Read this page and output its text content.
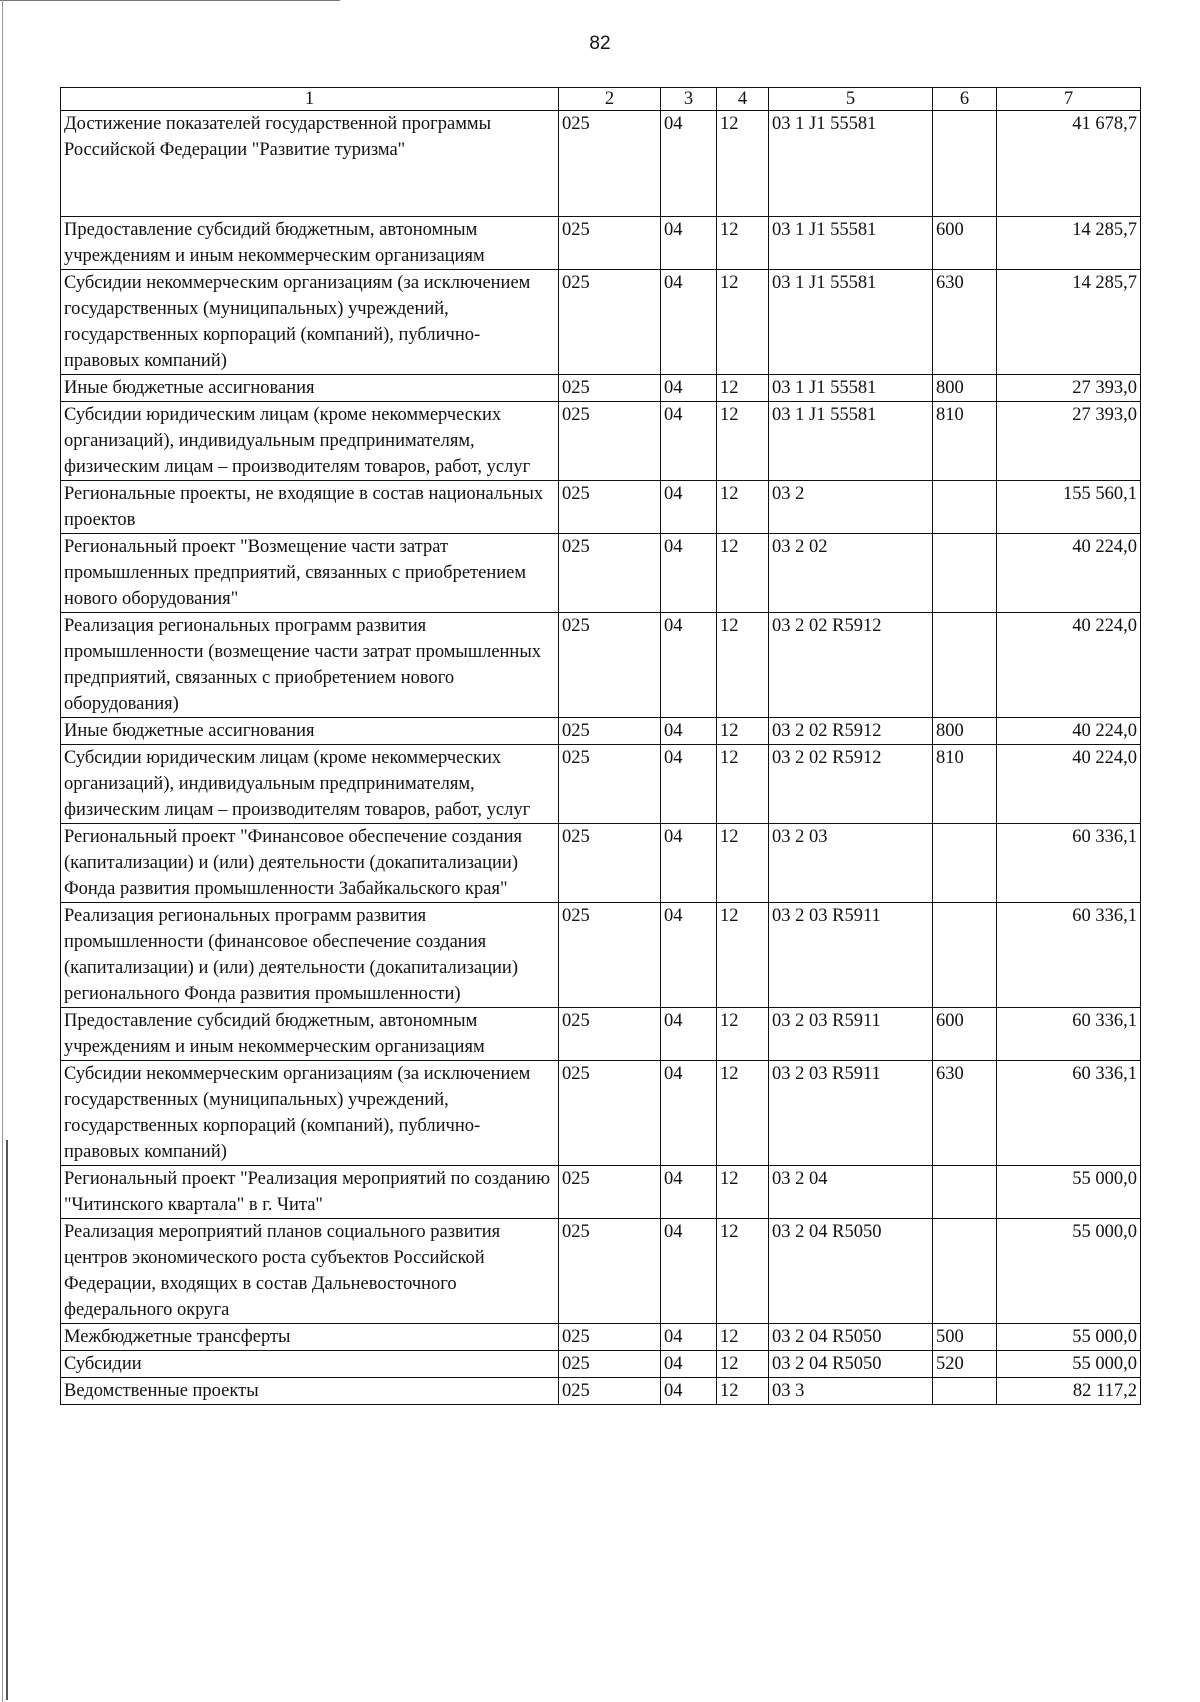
82
1	2	3	4	5	6	7
Достижение показателей государственной программы Российской Федерации "Развитие туризма"	025	04	12	03 1 J1 55581		41 678,7
Предоставление субсидий бюджетным, автономным учреждениям и иным некоммерческим организациям	025	04	12	03 1 J1 55581	600	14 285,7
Субсидии некоммерческим организациям (за исключением государственных (муниципальных) учреждений, государственных корпораций (компаний), публично-правовых компаний)	025	04	12	03 1 J1 55581	630	14 285,7
Иные бюджетные ассигнования	025	04	12	03 1 J1 55581	800	27 393,0
Субсидии юридическим лицам (кроме некоммерческих организаций), индивидуальным предпринимателям, физическим лицам – производителям товаров, работ, услуг	025	04	12	03 1 J1 55581	810	27 393,0
Региональные проекты, не входящие в состав национальных проектов	025	04	12	03 2		155 560,1
Региональный проект "Возмещение части затрат промышленных предприятий, связанных с приобретением нового оборудования"	025	04	12	03 2 02		40 224,0
Реализация региональных программ развития промышленности (возмещение части затрат промышленных предприятий, связанных с приобретением нового оборудования)	025	04	12	03 2 02 R5912		40 224,0
Иные бюджетные ассигнования	025	04	12	03 2 02 R5912	800	40 224,0
Субсидии юридическим лицам (кроме некоммерческих организаций), индивидуальным предпринимателям, физическим лицам – производителям товаров, работ, услуг	025	04	12	03 2 02 R5912	810	40 224,0
Региональный проект "Финансовое обеспечение создания (капитализации) и (или) деятельности (докапитализации) Фонда развития промышленности Забайкальского края"	025	04	12	03 2 03		60 336,1
Реализация региональных программ развития промышленности (финансовое обеспечение создания (капитализации) и (или) деятельности (докапитализации) регионального Фонда развития промышленности)	025	04	12	03 2 03 R5911		60 336,1
Предоставление субсидий бюджетным, автономным учреждениям и иным некоммерческим организациям	025	04	12	03 2 03 R5911	600	60 336,1
Субсидии некоммерческим организациям (за исключением государственных (муниципальных) учреждений, государственных корпораций (компаний), публично-правовых компаний)	025	04	12	03 2 03 R5911	630	60 336,1
Региональный проект "Реализация мероприятий по созданию "Читинского квартала" в г. Чита"	025	04	12	03 2 04		55 000,0
Реализация мероприятий планов социального развития центров экономического роста субъектов Российской Федерации, входящих в состав Дальневосточного федерального округа	025	04	12	03 2 04 R5050		55 000,0
Межбюджетные трансферты	025	04	12	03 2 04 R5050	500	55 000,0
Субсидии	025	04	12	03 2 04 R5050	520	55 000,0
Ведомственные проекты	025	04	12	03 3		82 117,2
